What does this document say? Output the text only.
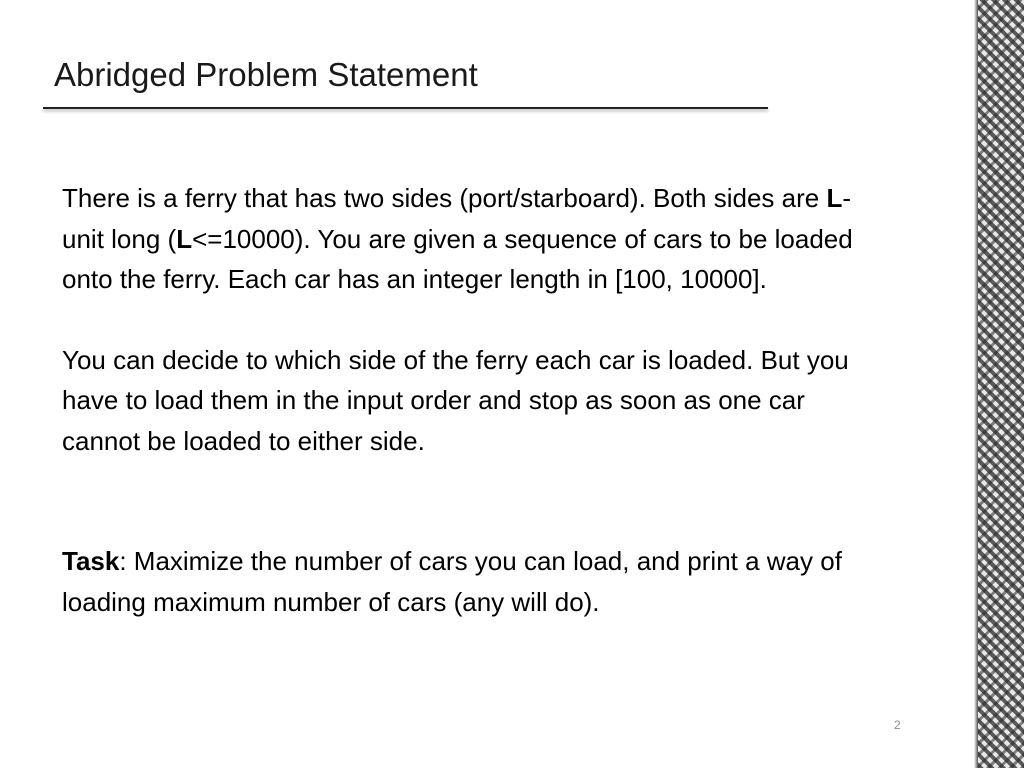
Abridged Problem Statement

There is a ferry that has two sides (port/starboard). Both sides are L-unit long (L<=10000). You are given a sequence of cars to be loaded onto the ferry. Each car has an integer length in [100, 10000].

You can decide to which side of the ferry each car is loaded. But you have to load them in the input order and stop as soon as one car cannot be loaded to either side.

Task: Maximize the number of cars you can load, and print a way of loading maximum number of cars (any will do).

2
